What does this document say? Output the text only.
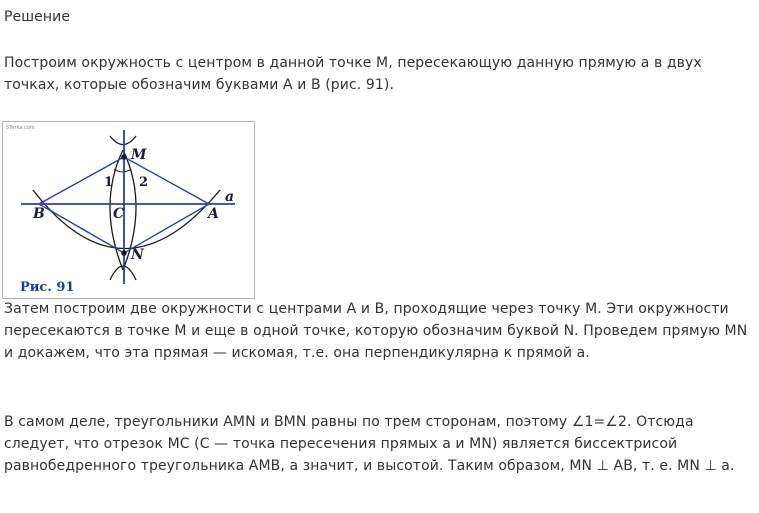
Решение

Построим окружность с центром в данной точке М, пересекающую данную прямую а в двух точках, которые обозначим буквами А и В (рис. 91).

5Terka.com
M
N
A
B	C
a
1 2
Рис. 91

Затем построим две окружности с центрами А и В, проходящие через точку М. Эти окружности пересекаются в точке М и еще в одной точке, которую обозначим буквой N. Проведем прямую MN и докажем, что эта прямая — искомая, т.е. она перпендикулярна к прямой а.

В самом деле, треугольники AMN и BMN равны по трем сторонам, поэтому ∠1=∠2. Отсюда следует, что отрезок МС (С — точка пересечения прямых а и MN) является биссектрисой равнобедренного треугольника АМВ, а значит, и высотой. Таким образом, MN ⊥ AB, т. е. MN ⊥ a.
